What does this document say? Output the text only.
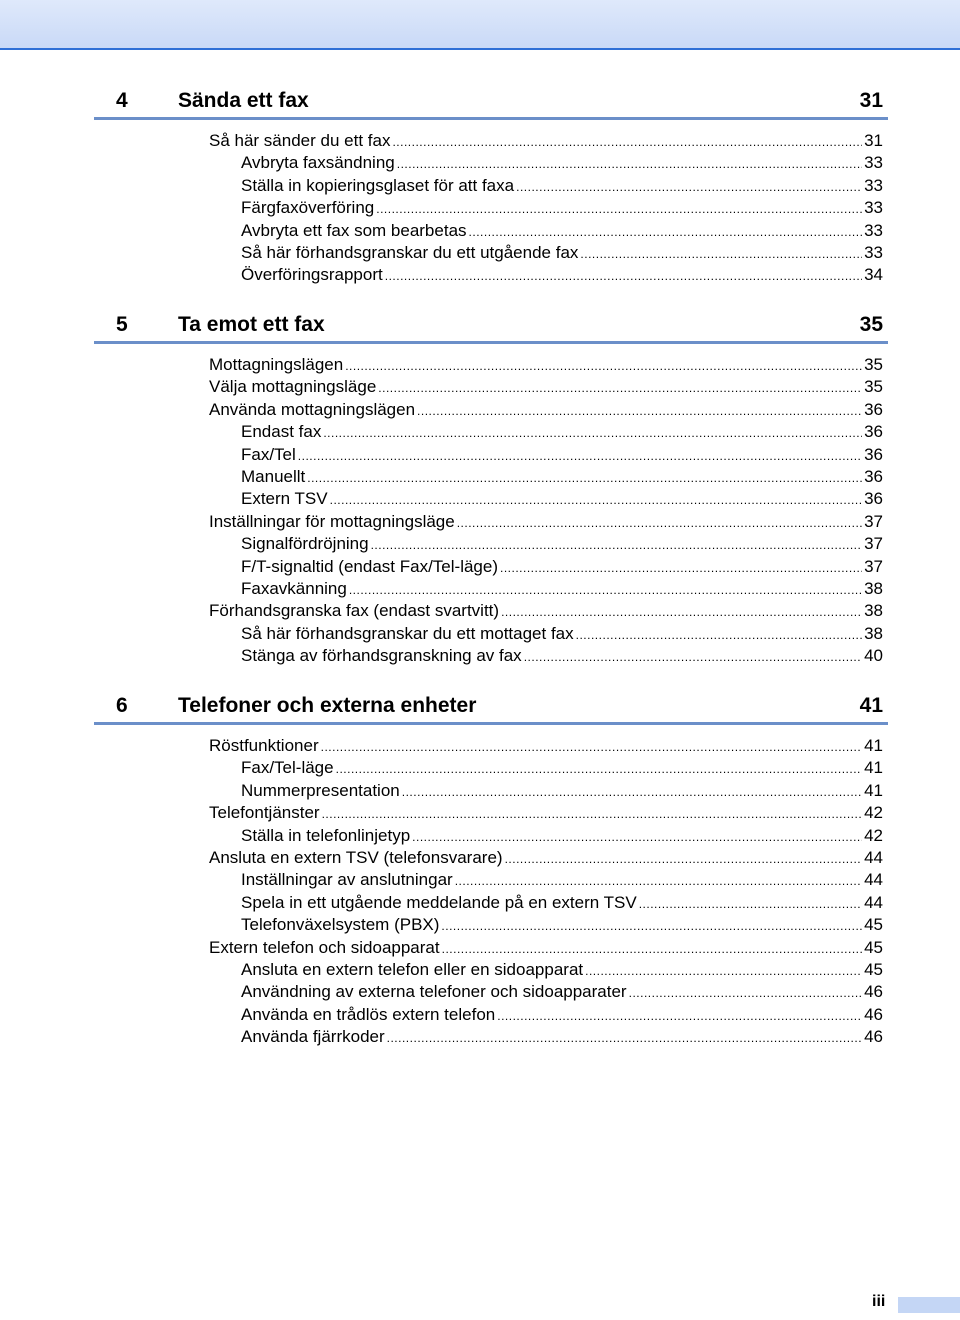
4 Sända ett fax	31
Så här sänder du ett fax .....	31
Avbryta faxsändning .....	33
Ställa in kopieringsglaset för att faxa .....	33
Färgfaxöverföring .....	33
Avbryta ett fax som bearbetas .....	33
Så här förhandsgranskar du ett utgående fax .....	33
Överföringsrapport .....	34
5 Ta emot ett fax	35
Mottagningslägen .....	35
Välja mottagningsläge .....	35
Använda mottagningslägen .....	36
Endast fax .....	36
Fax/Tel .....	36
Manuellt .....	36
Extern TSV .....	36
Inställningar för mottagningsläge .....	37
Signalfördröjning .....	37
F/T-signaltid (endast Fax/Tel-läge) .....	37
Faxavkänning .....	38
Förhandsgranska fax (endast svartvitt) .....	38
Så här förhandsgranskar du ett mottaget fax .....	38
Stänga av förhandsgranskning av fax .....	40
6 Telefoner och externa enheter	41
Röstfunktioner .....	41
Fax/Tel-läge .....	41
Nummerpresentation .....	41
Telefontjänster .....	42
Ställa in telefonlinjetyp .....	42
Ansluta en extern TSV (telefonsvarare) .....	44
Inställningar av anslutningar .....	44
Spela in ett utgående meddelande på en extern TSV .....	44
Telefonväxelsystem (PBX) .....	45
Extern telefon och sidoapparat .....	45
Ansluta en extern telefon eller en sidoapparat .....	45
Användning av externa telefoner och sidoapparater .....	46
Använda en trådlös extern telefon .....	46
Använda fjärrkoder .....	46
iii
